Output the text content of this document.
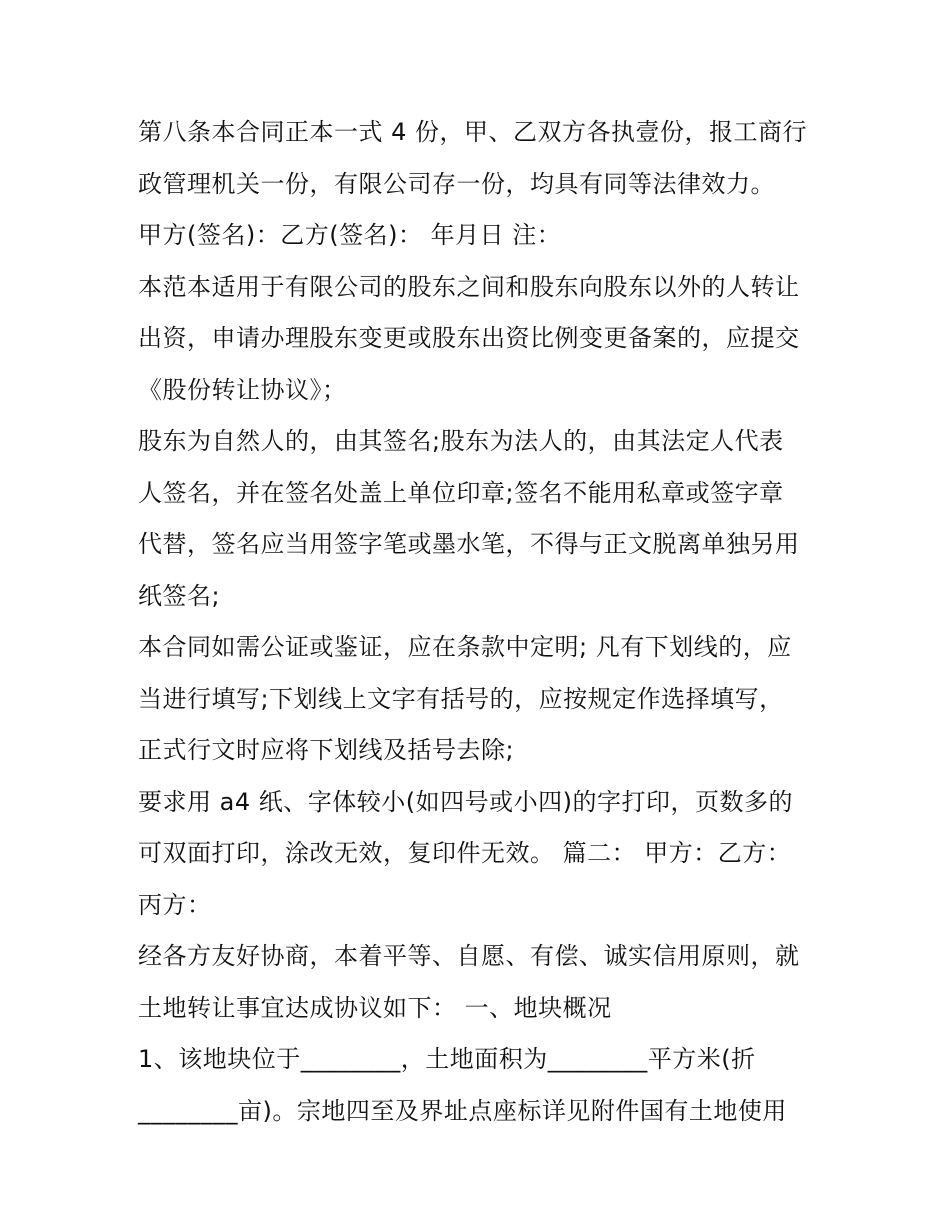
第八条本合同正本一式 4 份，甲、乙双方各执壹份，报工商行
政管理机关一份，有限公司存一份，均具有同等法律效力。
甲方(签名)：乙方(签名)： 年月日 注：
本范本适用于有限公司的股东之间和股东向股东以外的人转让
出资，申请办理股东变更或股东出资比例变更备案的，应提交
《股份转让协议》；
股东为自然人的，由其签名;股东为法人的，由其法定人代表
人签名，并在签名处盖上单位印章;签名不能用私章或签字章
代替，签名应当用签字笔或墨水笔，不得与正文脱离单独另用
纸签名;
本合同如需公证或鉴证，应在条款中定明; 凡有下划线的，应
当进行填写;下划线上文字有括号的，应按规定作选择填写，
正式行文时应将下划线及括号去除;
要求用 a4 纸、字体较小(如四号或小四)的字打印，页数多的
可双面打印，涂改无效，复印件无效。 篇二： 甲方：乙方：
丙方：
经各方友好协商，本着平等、自愿、有偿、诚实信用原则，就
土地转让事宜达成协议如下： 一、地块概况
1、该地块位于________，土地面积为________平方米(折
________亩)。宗地四至及界址点座标详见附件国有土地使用
